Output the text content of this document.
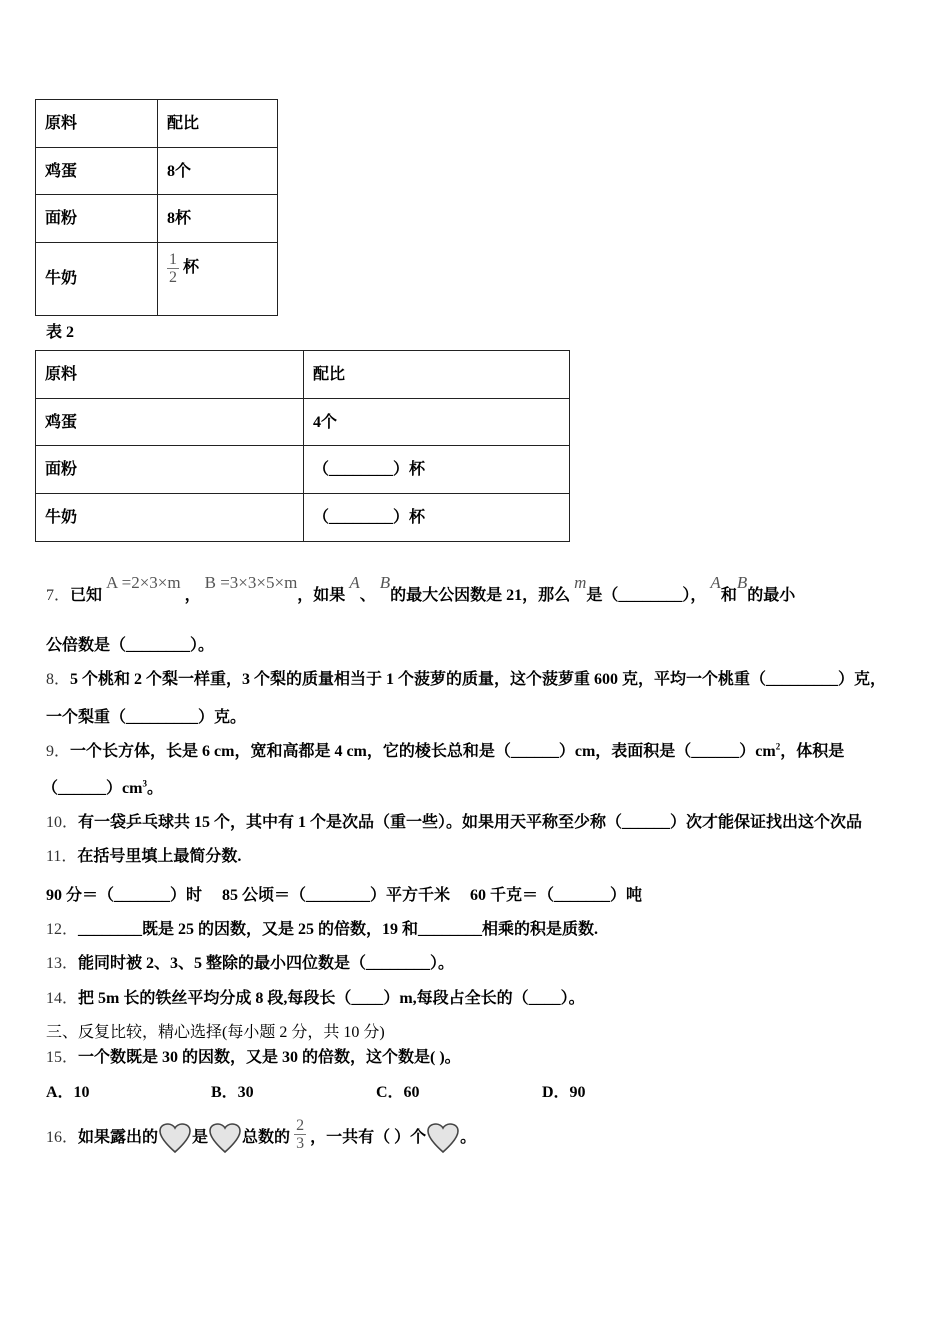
原料	配比
鸡蛋	8个
面粉	8杯
牛奶	$\frac{1}{2}$ 杯
表 2
原料	配比
鸡蛋	4个
面粉	（________）杯
牛奶	（________）杯
7．已知 A =2×3×m ， B =3×3×5×m，如果 A、 B的最大公因数是 21，那么 m是（________）， A和B的最小
公倍数是（________）。
8．5 个桃和 2 个梨一样重，3 个梨的质量相当于 1 个菠萝的质量，这个菠萝重 600 克，平均一个桃重（_________）克，
一个梨重（_________）克。
9．一个长方体，长是 6 cm，宽和高都是 4 cm，它的棱长总和是（______）cm，表面积是$(\_\_\_\_\_\_)cm^2$，体积是
$(\_\_\_\_\_\_)cm^3$。
10．有一袋乒乓球共 15 个，其中有 1 个是次品（重一些）。如果用天平称至少称（______）次才能保证找出这个次品
11．在括号里填上最简分数.
90 分＝（_______）时 85 公顷＝（________）平方千米 60 千克＝（_______）吨
12．________既是 25 的因数，又是 25 的倍数，19 和________相乘的积是质数.
13．能同时被 2、3、5 整除的最小四位数是（________）。
14．把 5m 长的铁丝平均分成 8 段,每段长（____）m,每段占全长的（____）。
三、反复比较，精心选择(每小题 2 分，共 10 分)
15．一个数既是 30 的因数，又是 30 的倍数，这个数是( )。
A．10	B．30	C．60	D．90
16．如果露出的 是 总数的 $\frac{2}{3}$ ，一共有（ ）个 。
